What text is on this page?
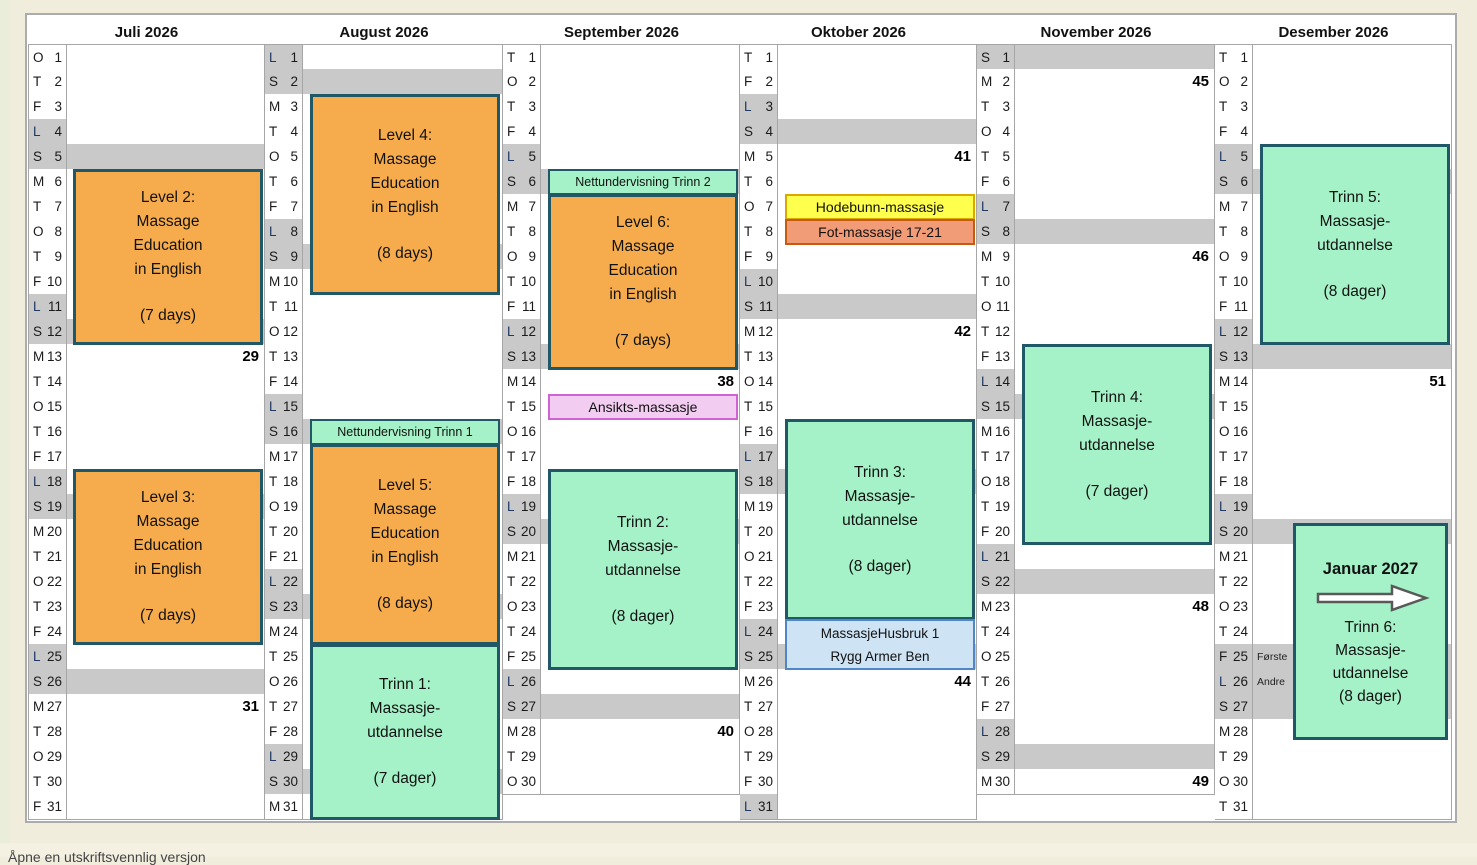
Juli 2026
O 1
T 2
F 3
L 4
S 5
M 6
T 7
O 8
T 9
F 10
L 11
S 12
M 13	29
T 14
O 15
T 16
F 17
L 18
S 19
M 20
T 21
O 22
T 23
F 24
L 25
S 26
M 27	31
T 28
O 29
T 30
F 31
August 2026
L 1
S 2
M 3
T 4
O 5
T 6
F 7
L 8
S 9
M 10
T 11
O 12
T 13
F 14
L 15
S 16
M 17
T 18
O 19
T 20
F 21
L 22
S 23
M 24
T 25
O 26
T 27
F 28
L 29
S 30
M 31
September 2026
T 1
O 2
T 3
F 4
L 5
S 6
M 7
T 8
O 9
T 10
F 11
L 12
S 13
M 14	38
T 15
O 16
T 17
F 18
L 19
S 20
M 21
T 22
O 23
T 24
F 25
L 26
S 27
M 28	40
T 29
O 30
Oktober 2026
T 1
F 2
L 3
S 4
M 5	41
T 6
O 7
T 8
F 9
L 10
S 11
M 12	42
T 13
O 14
T 15
F 16
L 17
S 18
M 19
T 20
O 21
T 22
F 23
L 24
S 25
M 26	44
T 27
O 28
T 29
F 30
L 31
November 2026
S 1
M 2	45
T 3
O 4
T 5
F 6
L 7
S 8
M 9	46
T 10
O 11
T 12
F 13
L 14
S 15
M 16
T 17
O 18
T 19
F 20
L 21
S 22
M 23	48
T 24
O 25
T 26
F 27
L 28
S 29
M 30	49
Desember 2026
T 1
O 2
T 3
F 4
L 5
S 6
M 7
T 8
O 9
T 10
F 11
L 12
S 13
M 14	51
T 15
O 16
T 17
F 18
L 19
S 20
M 21
T 22
O 23
T 24
F 25 Første
L 26 Andre
S 27
M 28
T 29
O 30
T 31
Level 2:
Massage
Education
in English
(7 days)
Level 3:
Massage
Education
in English
(7 days)
Level 4:
Massage
Education
in English
(8 days)
Nettundervisning Trinn 1
Level 5:
Massage
Education
in English
(8 days)
Trinn 1:
Massasje-
utdannelse
(7 dager)
Nettundervisning Trinn 2
Level 6:
Massage
Education
in English
(7 days)
Ansikts-massasje
Trinn 2:
Massasje-
utdannelse
(8 dager)
Hodebunn-massasje
Fot-massasje 17-21
Trinn 3:
Massasje-
utdannelse
(8 dager)
MassasjeHusbruk 1
Rygg Armer Ben
Trinn 4:
Massasje-
utdannelse
(7 dager)
Trinn 5:
Massasje-
utdannelse
(8 dager)
Januar 2027
Trinn 6:
Massasje-
utdannelse
(8 dager)
Åpne en utskriftsvennlig versjon
